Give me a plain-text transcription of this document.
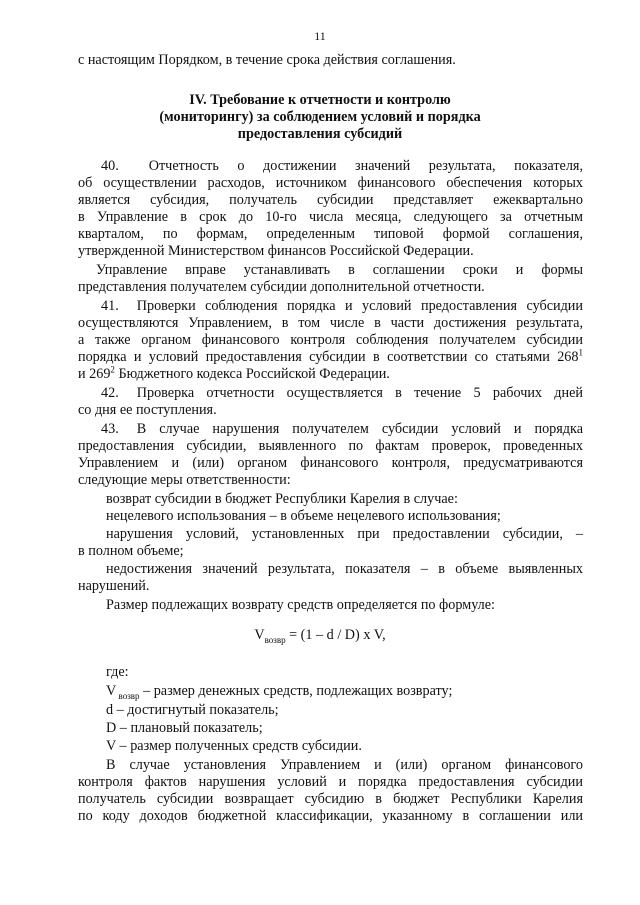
11
с настоящим Порядком, в течение срока действия соглашения.
IV. Требование к отчетности и контролю
(мониторингу) за соблюдением условий и порядка
предоставления субсидий
40. Отчетность о достижении значений результата, показателя,
об осуществлении расходов, источником финансового обеспечения которых
является субсидия, получатель субсидии представляет ежеквартально
в Управление в срок до 10-го числа месяца, следующего за отчетным
кварталом, по формам, определенным типовой формой соглашения,
утвержденной Министерством финансов Российской Федерации.
Управление вправе устанавливать в соглашении сроки и формы
представления получателем субсидии дополнительной отчетности.
41. Проверки соблюдения порядка и условий предоставления субсидии
осуществляются Управлением, в том числе в части достижения результата,
а также органом финансового контроля соблюдения получателем субсидии
порядка и условий предоставления субсидии в соответствии со статьями $268^1$
и $269^2$ Бюджетного кодекса Российской Федерации.
42. Проверка отчетности осуществляется в течение 5 рабочих дней
со дня ее поступления.
43. В случае нарушения получателем субсидии условий и порядка
предоставления субсидии, выявленного по фактам проверок, проведенных
Управлением и (или) органом финансового контроля, предусматриваются
следующие меры ответственности:
возврат субсидии в бюджет Республики Карелия в случае:
нецелевого использования – в объеме нецелевого использования;
нарушения условий, установленных при предоставлении субсидии, –
в полном объеме;
недостижения значений результата, показателя – в объеме выявленных
нарушений.
Размер подлежащих возврату средств определяется по формуле:
$V_{возвр} = (1 - d / D)$ x V,
где:
V $_{возвр}$ – размер денежных средств, подлежащих возврату;
d – достигнутый показатель;
D – плановый показатель;
V – размер полученных средств субсидии.
В случае установления Управлением и (или) органом финансового
контроля фактов нарушения условий и порядка предоставления субсидии
получатель субсидии возвращает субсидию в бюджет Республики Карелия
по коду доходов бюджетной классификации, указанному в соглашении или
